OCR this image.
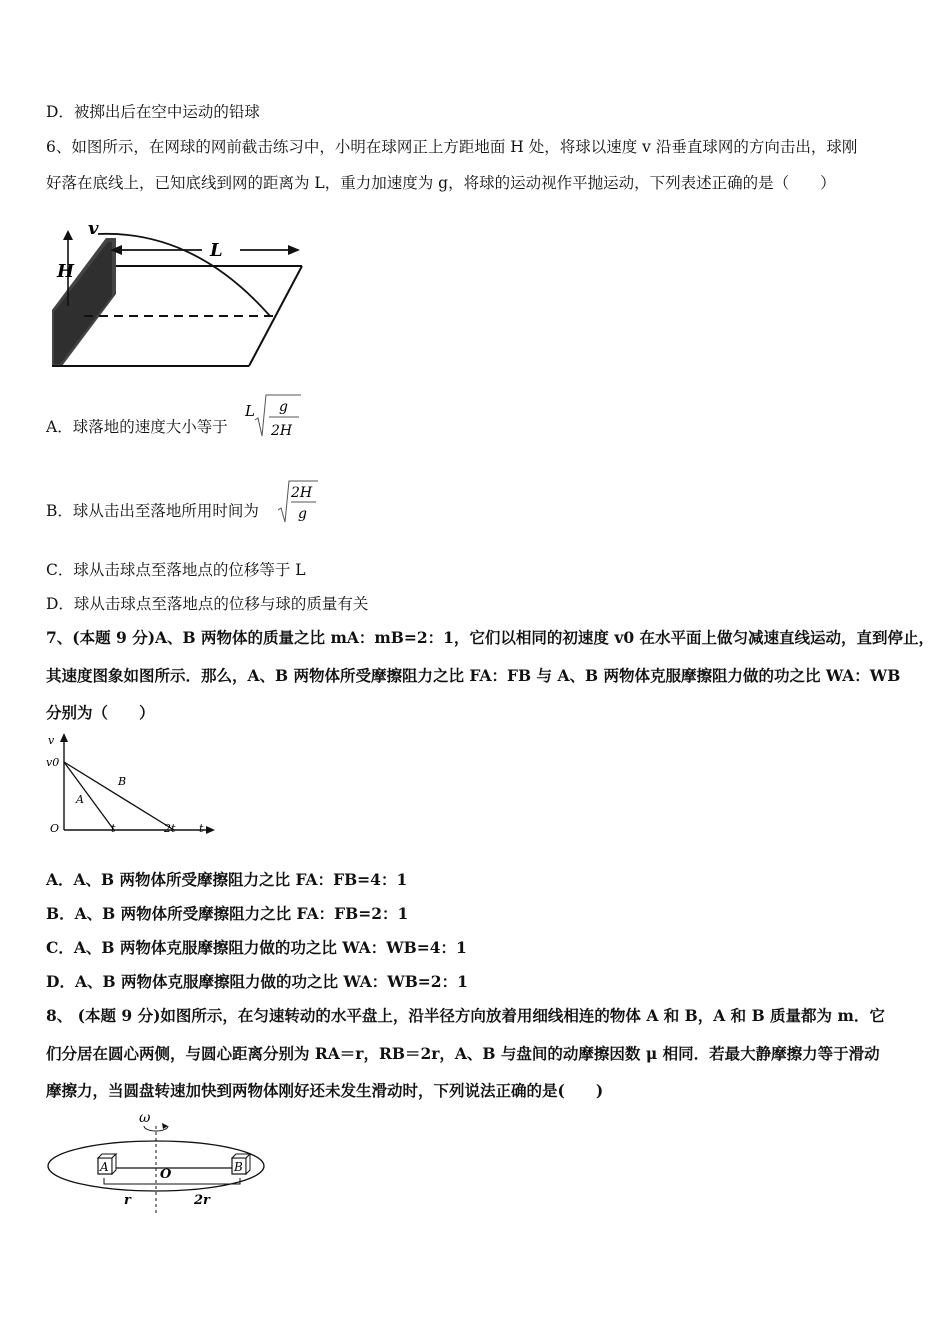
D．被掷出后在空中运动的铅球
6、如图所示，在网球的网前截击练习中，小明在球网正上方距地面 H 处，将球以速度 v 沿垂直球网的方向击出，球刚
好落在底线上，已知底线到网的距离为 L，重力加速度为 g，将球的运动视作平抛运动，下列表述正确的是（　　）
H
v
L
A．球落地的速度大小等于
L g
2H
B．球从击出至落地所用时间为
2H
g
C．球从击球点至落地点的位移等于 L
D．球从击球点至落地点的位移与球的质量有关
7、(本题 9 分)A、B 两物体的质量之比 mA：mB=2：1，它们以相同的初速度 v0 在水平面上做匀减速直线运动，直到停止，
其速度图象如图所示．那么，A、B 两物体所受摩擦阻力之比 FA：FB 与 A、B 两物体克服摩擦阻力做的功之比 WA：WB
分别为（　　）
v
v0
O
A
B
t	2t t
A．A、B 两物体所受摩擦阻力之比 FA：FB=4：1
B．A、B 两物体所受摩擦阻力之比 FA：FB=2：1
C．A、B 两物体克服摩擦阻力做的功之比 WA：WB=4：1
D．A、B 两物体克服摩擦阻力做的功之比 WA：WB=2：1
8、 (本题 9 分)如图所示，在匀速转动的水平盘上，沿半径方向放着用细线相连的物体 A 和 B，A 和 B 质量都为 m．它
们分居在圆心两侧，与圆心距离分别为 RA＝r，RB＝2r，A、B 与盘间的动摩擦因数 μ 相同．若最大静摩擦力等于滑动
摩擦力，当圆盘转速加快到两物体刚好还未发生滑动时，下列说法正确的是(　　)
ω
A	B
O
r	2r
